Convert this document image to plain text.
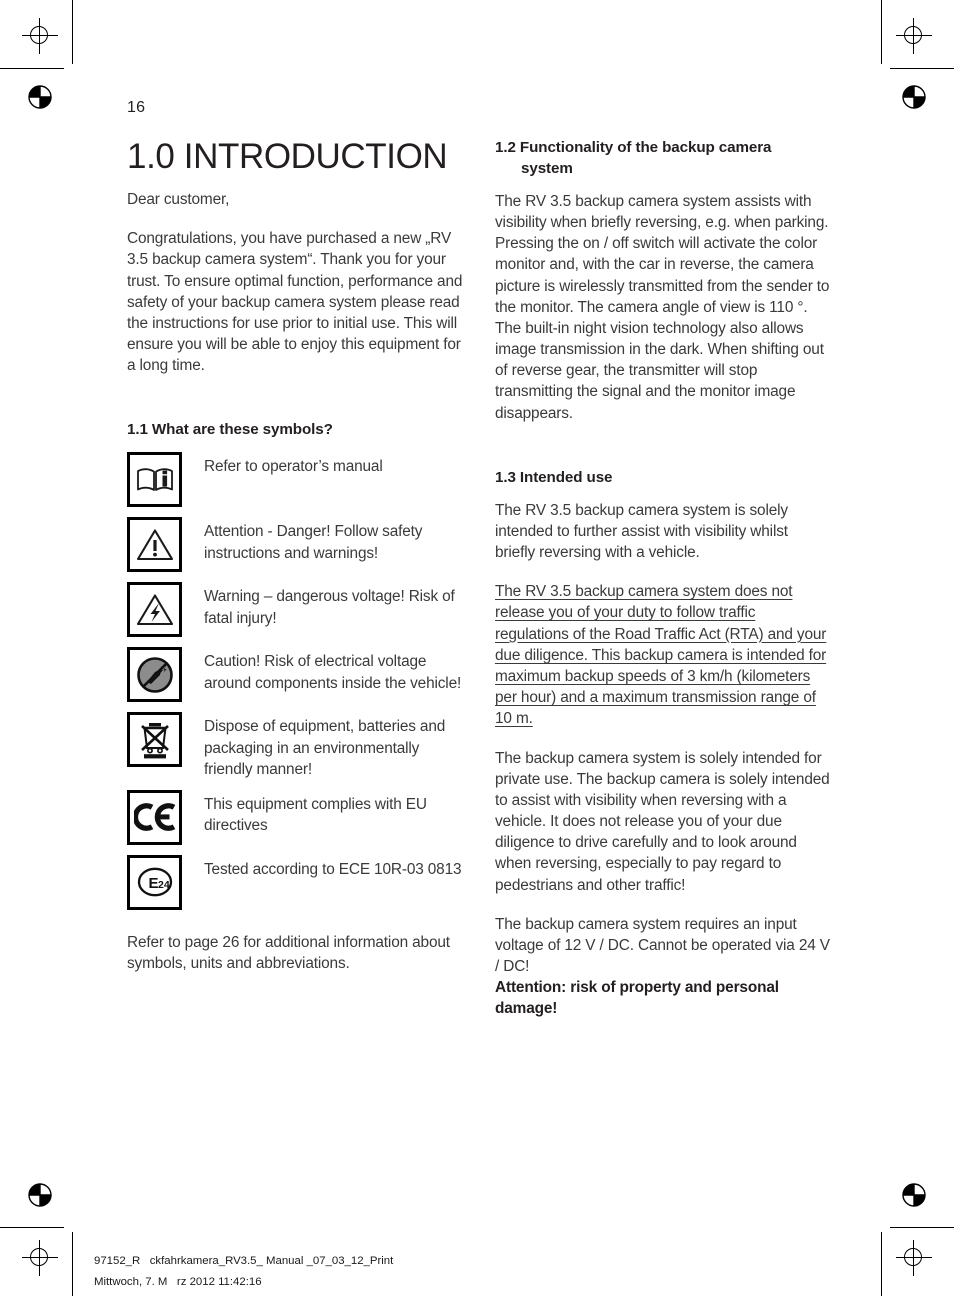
16
1.0 INTRODUCTION

Dear customer,

Congratulations, you have purchased a new „RV 3.5 backup camera system“. Thank you for your trust. To ensure optimal function, performance and safety of your backup camera system please read the instructions for use prior to initial use. This will ensure you will be able to enjoy this equipment for a long time.

1.1 What are these symbols?
Refer to operator’s manual
Attention - Danger! Follow safety instructions and warnings!
Warning – dangerous voltage! Risk of fatal injury!
Caution! Risk of electrical voltage around components inside the vehicle!
Dispose of equipment, batteries and packaging in an environmentally friendly manner!
This equipment complies with EU directives
E 24
Tested according to ECE 10R-03 0813

Refer to page 26 for additional information about symbols, units and abbreviations.

1.2 Functionality of the backup camera
system

The RV 3.5 backup camera system assists with visibility when briefly reversing, e.g. when parking. Pressing the on / off switch will activate the color monitor and, with the car in reverse, the camera picture is wirelessly transmitted from the sender to the monitor. The camera angle of view is 110 °. The built-in night vision technology also allows image transmission in the dark. When shifting out of reverse gear, the transmitter will stop transmitting the signal and the monitor image disappears.

1.3 Intended use

The RV 3.5 backup camera system is solely intended to further assist with visibility whilst briefly reversing with a vehicle.

The RV 3.5 backup camera system does not release you of your duty to follow traffic regulations of the Road Traffic Act (RTA) and your due diligence. This backup camera is intended for maximum backup speeds of 3 km/h (kilometers per hour) and a maximum transmission range of 10 m.

The backup camera system is solely intended for private use. The backup camera is solely intended to assist with visibility when reversing with a vehicle. It does not release you of your due diligence to drive carefully and to look around when reversing, especially to pay regard to pedestrians and other traffic!

The backup camera system requires an input voltage of 12 V / DC. Cannot be operated via 24 V / DC!

Attention: risk of property and personal damage!

97152_R   ckfahrkamera_RV3.5_ Manual _07_03_12_Print
Mittwoch, 7. M   rz 2012 11:42:16
